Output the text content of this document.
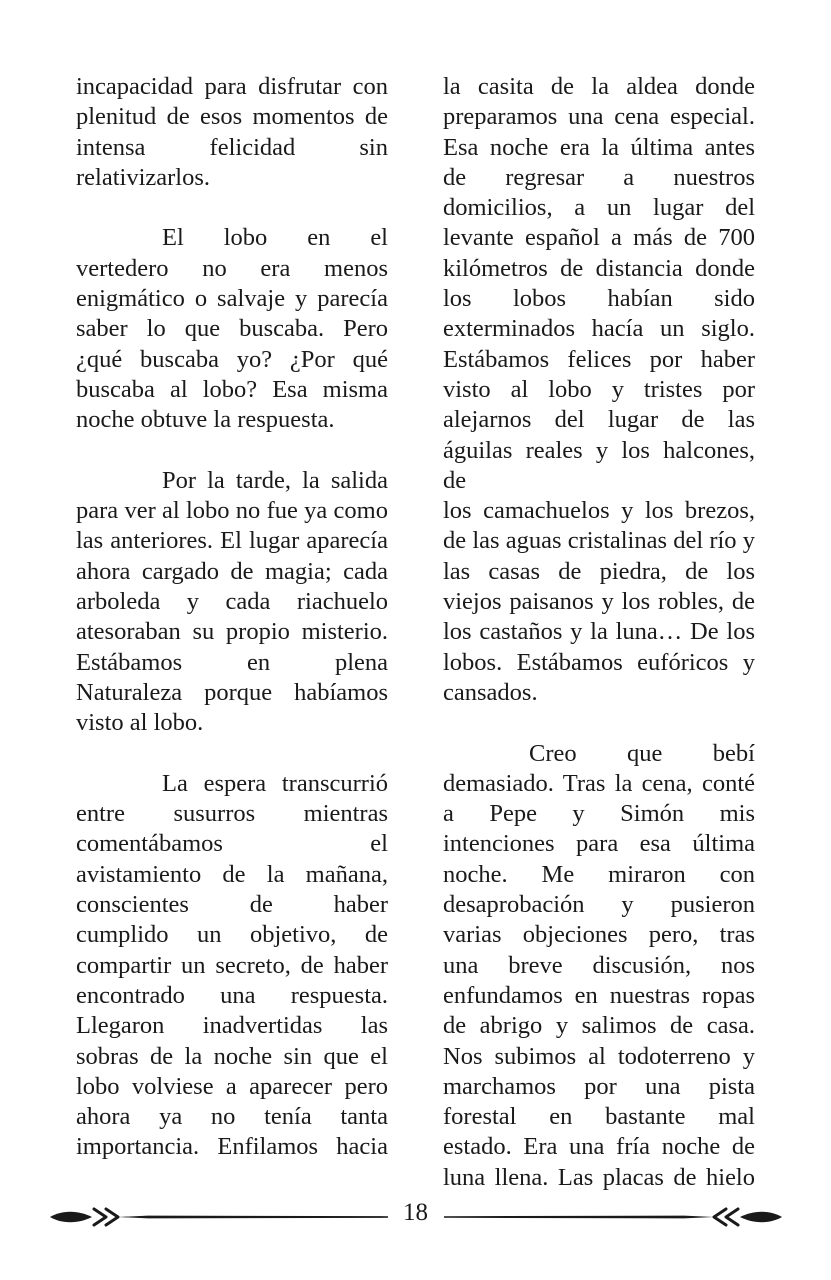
incapacidad para disfrutar con
plenitud de esos momentos de
intensa felicidad sin
relativizarlos.
El lobo en el
vertedero no era menos
enigmático o salvaje y parecía
saber lo que buscaba. Pero
¿qué buscaba yo? ¿Por qué
buscaba al lobo? Esa misma
noche obtuve la respuesta.
Por la tarde, la salida
para ver al lobo no fue ya como
las anteriores. El lugar aparecía
ahora cargado de magia; cada
arboleda y cada riachuelo
atesoraban su propio misterio.
Estábamos en plena
Naturaleza porque habíamos
visto al lobo.
La espera transcurrió
entre susurros mientras
comentábamos el
avistamiento de la mañana,
conscientes de haber
cumplido un objetivo, de
compartir un secreto, de haber
encontrado una respuesta.
Llegaron inadvertidas las
sobras de la noche sin que el
lobo volviese a aparecer pero
ahora ya no tenía tanta
importancia. Enfilamos hacia
la casita de la aldea donde
preparamos una cena especial.
Esa noche era la última antes
de regresar a nuestros
domicilios, a un lugar del
levante español a más de 700
kilómetros de distancia donde
los lobos habían sido
exterminados hacía un siglo.
Estábamos felices por haber
visto al lobo y tristes por
alejarnos del lugar de las
águilas reales y los halcones, de
los camachuelos y los brezos,
de las aguas cristalinas del río y
las casas de piedra, de los
viejos paisanos y los robles, de
los castaños y la luna… De los
lobos. Estábamos eufóricos y
cansados.
Creo que bebí
demasiado. Tras la cena, conté
a Pepe y Simón mis
intenciones para esa última
noche. Me miraron con
desaprobación y pusieron
varias objeciones pero, tras
una breve discusión, nos
enfundamos en nuestras ropas
de abrigo y salimos de casa.
Nos subimos al todoterreno y
marchamos por una pista
forestal en bastante mal
estado. Era una fría noche de
luna llena. Las placas de hielo
18
